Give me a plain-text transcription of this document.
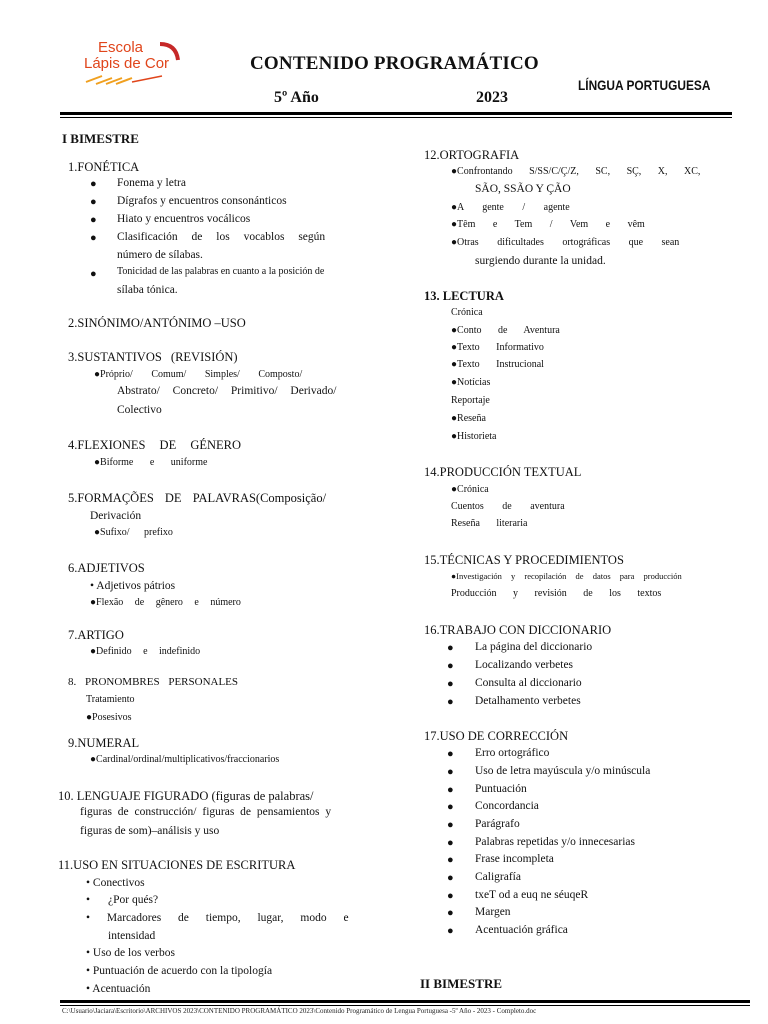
Escola
Lápis de Cor	CONTENIDO PROGRAMÁTICO
LÍNGUA PORTUGUESA
5º Año	2023
I BIMESTRE
1.FONÉTICA
● Fonema y letra
● Dígrafos y encuentros consonánticos
● Hiato y encuentros vocálicos
● Clasificación de los vocablos según
número de sílabas.
● Tonicidad de las palabras en cuanto a la posición de
sílaba tónica.
2.SINÓNIMO/ANTÓNIMO –USO
3.SUSTANTIVOS (REVISIÓN)
●Próprio/ Comum/ Simples/ Composto/
Abstrato/ Concreto/ Primitivo/ Derivado/
Colectivo
4.FLEXIONES DE GÉNERO
●Biforme e uniforme
5.FORMAÇÕES DE PALAVRAS(Composição/
Derivación
●Sufixo/ prefixo
6.ADJETIVOS
• Adjetivos pátrios
●Flexão de gênero e número
7.ARTIGO
●Definido e indefinido
8. PRONOMBRES PERSONALES
Tratamiento
●Posesivos
9.NUMERAL
●Cardinal/ordinal/multiplicativos/fraccionarios
10. LENGUAJE FIGURADO (figuras de palabras/
figuras de construcción/ figuras de pensamientos y
figuras de som)–análisis y uso
11.USO EN SITUACIONES DE ESCRITURA
• Conectivos
• ¿Por qués?
• Marcadores de tiempo, lugar, modo e
intensidad
• Uso de los verbos
• Puntuación de acuerdo con la tipología
• Acentuación
12.ORTOGRAFIA
●Confrontando S/SS/C/Ç/Z, SC, SÇ, X, XC,
SÃO, SSÃO Y ÇÃO
●A gente / agente
●Têm e Tem / Vem e vêm
●Otras dificultades ortográficas que sean
surgiendo durante la unidad.
13. LECTURA
Crónica
●Conto de Aventura
●Texto Informativo
●Texto Instrucional
●Notícias
Reportaje
●Reseña
●Historieta
14.PRODUCCIÓN TEXTUAL
●Crónica
Cuentos de aventura
Reseña literaria
15.TÉCNICAS Y PROCEDIMIENTOS
●Investigación y recopilación de datos para producción
Producción y revisión de los textos
16.TRABAJO CON DICCIONARIO
● La página del diccionario
● Localizando verbetes
● Consulta al diccionario
● Detalhamento verbetes
17.USO DE CORRECCIÓN
● Erro ortográfico
● Uso de letra mayúscula y/o minúscula
● Puntuación
● Concordancia
● Parágrafo
● Palabras repetidas y/o innecesarias
● Frase incompleta
● Caligrafía
● txeT od a euq ne séuqeR
● Margen
● Acentuación gráfica
II BIMESTRE
C:\Usuario\Jaciara\Escritorio\ARCHIVOS 2023\CONTENIDO PROGRAMÁTICO 2023\Contenido Programático de Lengua Portuguesa -5º Año - 2023 - Completo.doc
